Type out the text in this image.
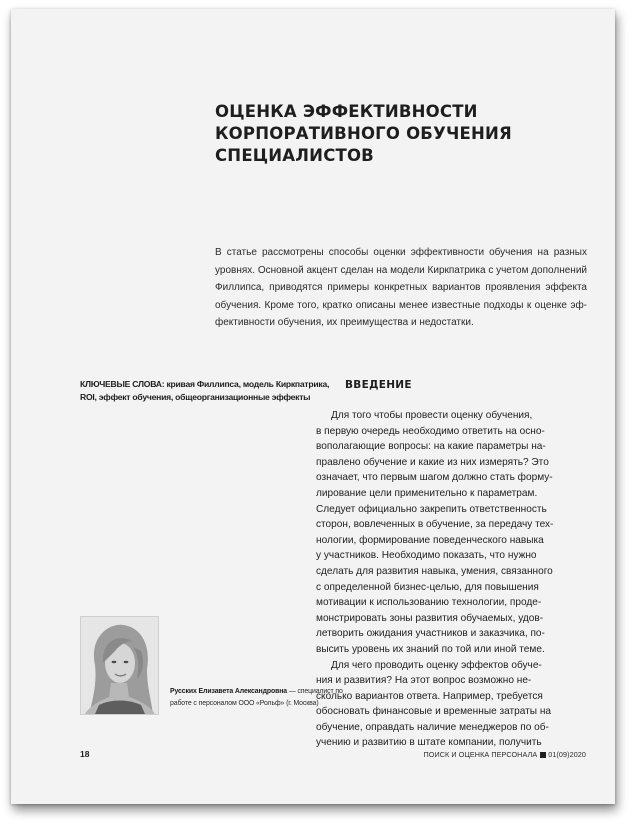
ОЦЕНКА ЭФФЕКТИВНОСТИ
КОРПОРАТИВНОГО ОБУЧЕНИЯ
СПЕЦИАЛИСТОВ
В статье рассмотрены способы оценки эффективности обучения на разных
уровнях. Основной акцент сделан на модели Киркпатрика с учетом дополнений
Филлипса, приводятся примеры конкретных вариантов проявления эффекта
обучения. Кроме того, кратко описаны менее известные подходы к оценке эф-
фективности обучения, их преимущества и недостатки.
КЛЮЧЕВЫЕ СЛОВА: кривая Филлипса, модель Киркпатрика,
ROI, эффект обучения, общеорганизационные эффекты
ВВЕДЕНИЕ
Для того чтобы провести оценку обучения,
в первую очередь необходимо ответить на осно-
вополагающие вопросы: на какие параметры на-
правлено обучение и какие из них измерять? Это
означает, что первым шагом должно стать форму-
лирование цели применительно к параметрам.
Следует официально закрепить ответственность
сторон, вовлеченных в обучение, за передачу тех-
нологии, формирование поведенческого навыка
у участников. Необходимо показать, что нужно
сделать для развития навыка, умения, связанного
с определенной бизнес-целью, для повышения
мотивации к использованию технологии, проде-
монстрировать зоны развития обучаемых, удов-
летворить ожидания участников и заказчика, по-
высить уровень их знаний по той или иной теме.
Для чего проводить оценку эффектов обуче-
ния и развития? На этот вопрос возможно не-
сколько вариантов ответа. Например, требуется
обосновать финансовые и временные затраты на
обучение, оправдать наличие менеджеров по об-
учению и развитию в штате компании, получить
Русских Елизавета Александровна — специалист по
работе с персоналом ООО «Рольф» (г. Москва)
18	ПОИСК И ОЦЕНКА ПЕРСОНАЛА 01(09)2020
